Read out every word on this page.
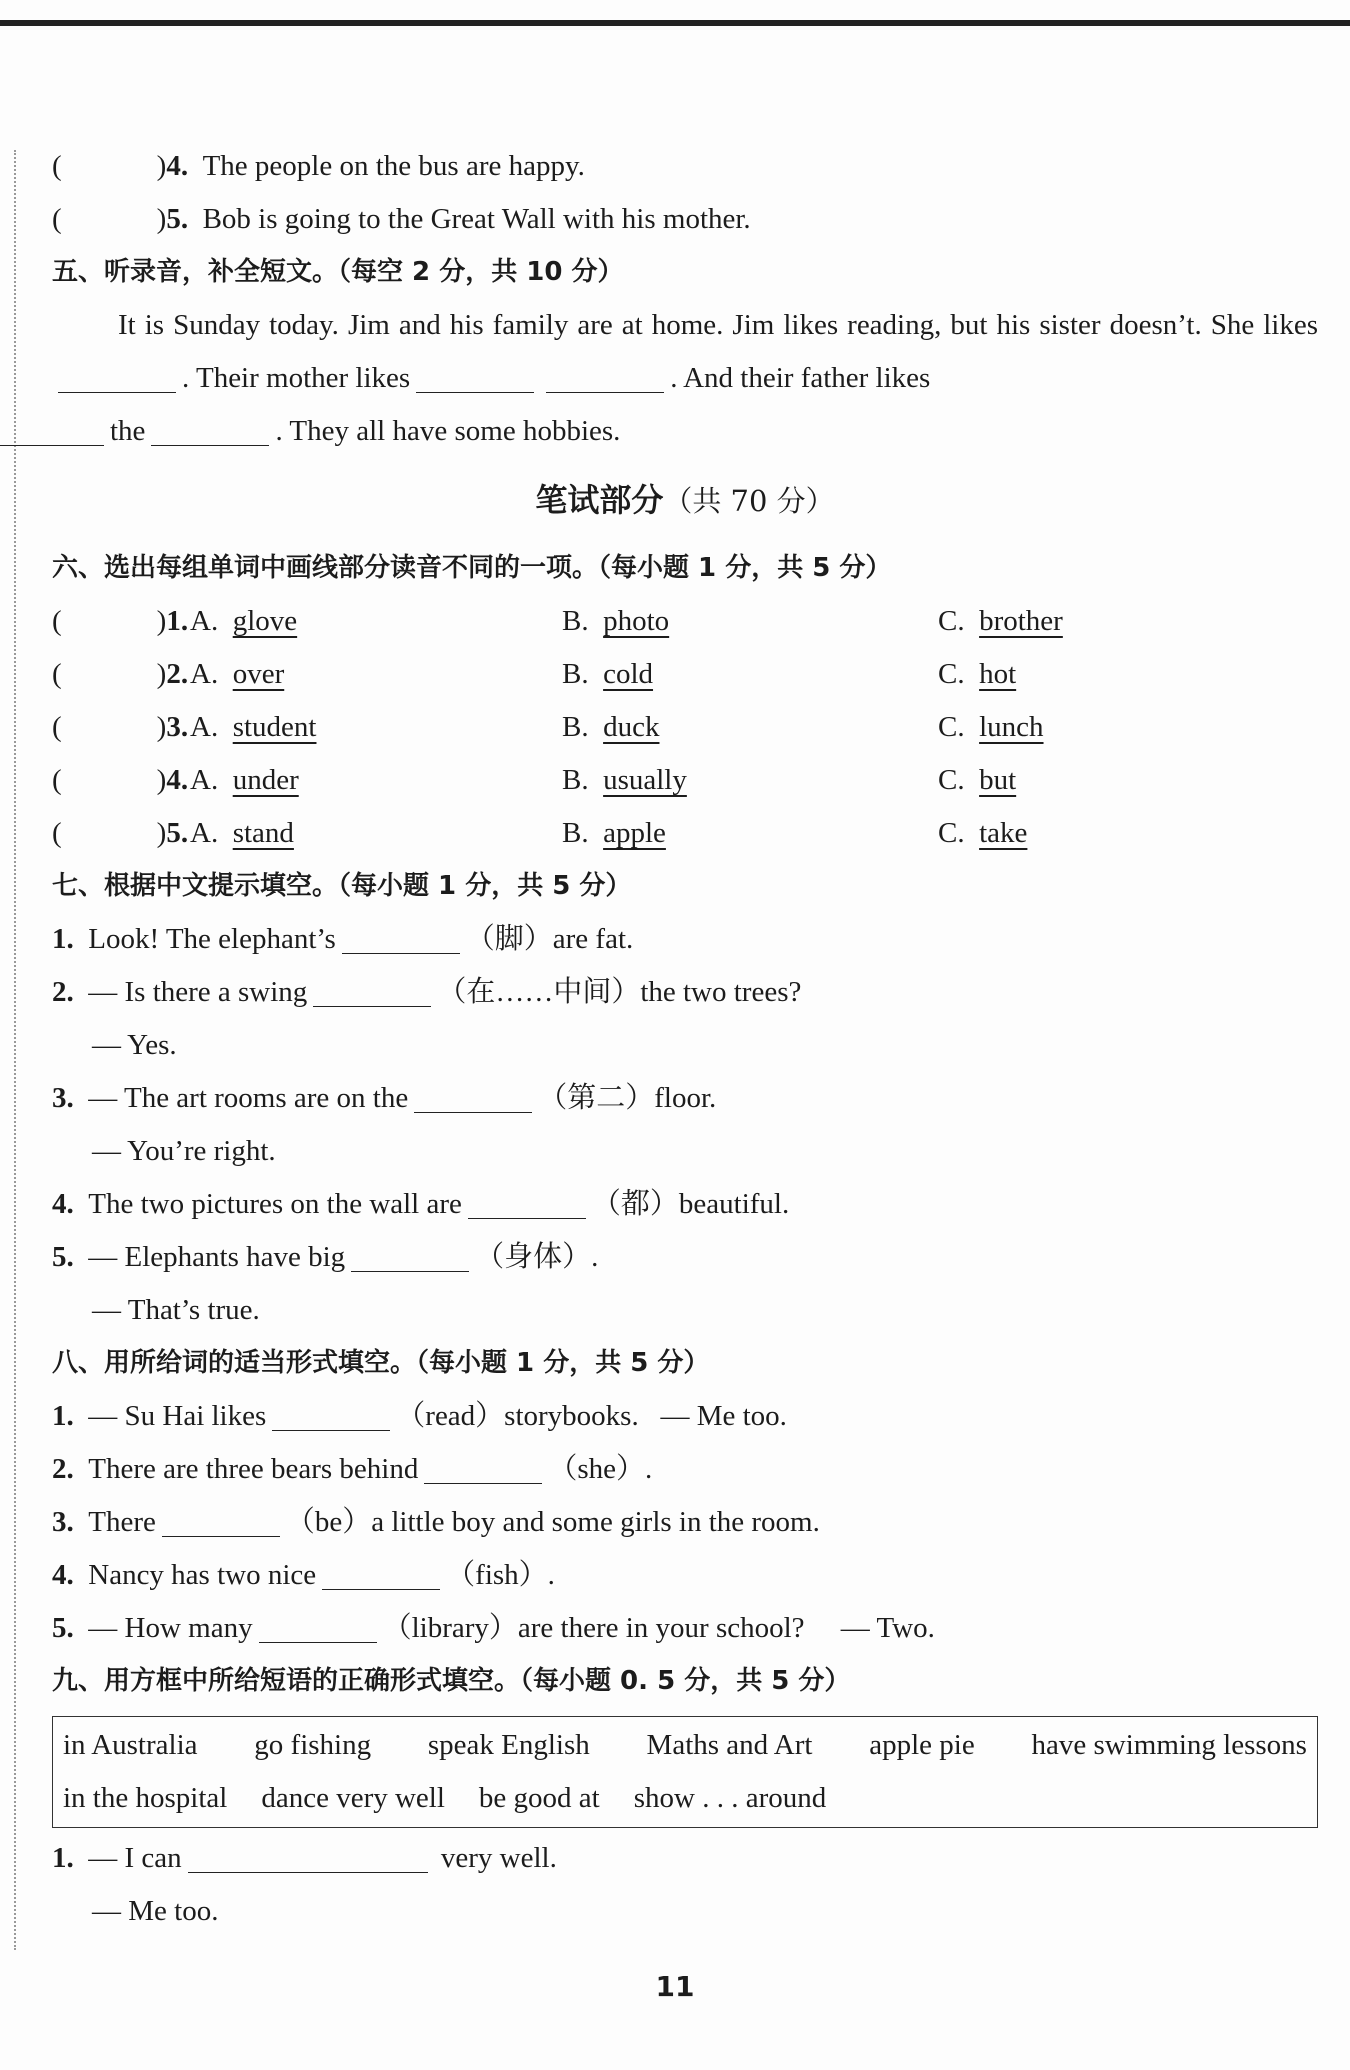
(	)4. The people on the bus are happy.
(	)5. Bob is going to the Great Wall with his mother.
五、听录音，补全短文。（每空 2 分，共 10 分）
It is Sunday today. Jim and his family are at home. Jim likes reading, but his sister doesn’t. She likes. Their mother likes	. And their father likes
the	. They all have some hobbies.
笔试部分（共 70 分）
六、选出每组单词中画线部分读音不同的一项。（每小题 1 分，共 5 分）
(	)1. A. glove	B. photo	C. brother
(	)2. A. over	B. cold	C. hot
(	)3. A. student	B. duck	C. lunch
(	)4. A. under	B. usually	C. but
(	)5. A. stand	B. apple	C. take
七、根据中文提示填空。（每小题 1 分，共 5 分）
1. Look! The elephant’s	（脚）are fat.
2. — Is there a swing	（在……中间）the two trees?
— Yes.
3. — The art rooms are on the	（第二）floor.
— You’re right.
4. The two pictures on the wall are	（都）beautiful.
5. — Elephants have big	（身体）.
— That’s true.
八、用所给词的适当形式填空。（每小题 1 分，共 5 分）
1. — Su Hai likes	（read）storybooks. — Me too.
2. There are three bears behind	（she）.
3. There	（be）a little boy and some girls in the room.
4. Nancy has two nice	（fish）.
5. — How many	（library）are there in your school? — Two.
九、用方框中所给短语的正确形式填空。（每小题 0. 5 分，共 5 分）
in Australia go fishing speak English Maths and Art apple pie have swimming lessons
in the hospital dance very well be good at show . . . around
1. — I can	very well.
— Me too.
11
